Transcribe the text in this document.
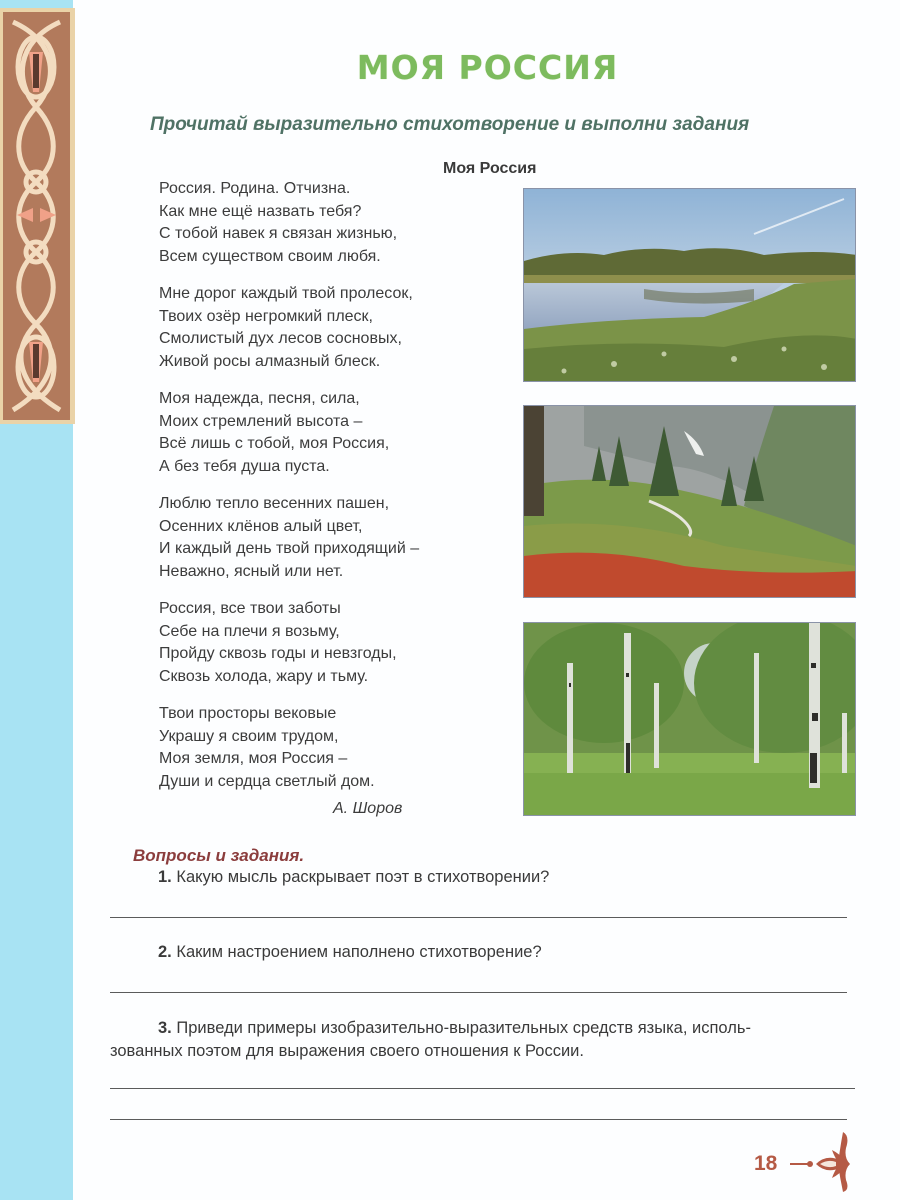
МОЯ РОССИЯ
Прочитай выразительно стихотворение и выполни задания
Моя Россия
Россия. Родина. Отчизна.
Как мне ещё назвать тебя?
С тобой навек я связан жизнью,
Всем существом своим любя.
Мне дорог каждый твой пролесок,
Твоих озёр негромкий плеск,
Смолистый дух лесов сосновых,
Живой росы алмазный блеск.
Моя надежда, песня, сила,
Моих стремлений высота –
Всё лишь с тобой, моя Россия,
А без тебя душа пуста.
Люблю тепло весенних пашен,
Осенних клёнов алый цвет,
И каждый день твой приходящий –
Неважно, ясный или нет.
Россия, все твои заботы
Себе на плечи я возьму,
Пройду сквозь годы и невзгоды,
Сквозь холода, жару и тьму.
Твои просторы вековые
Украшу я своим трудом,
Моя земля, моя Россия –
Души и сердца светлый дом.
А. Шоров
Вопросы и задания.
1. Какую мысль раскрывает поэт в стихотворении?
2. Каким настроением наполнено стихотворение?
3. Приведи примеры изобразительно-выразительных средств языка, исполь-
зованных поэтом для выражения своего отношения к России.
18
